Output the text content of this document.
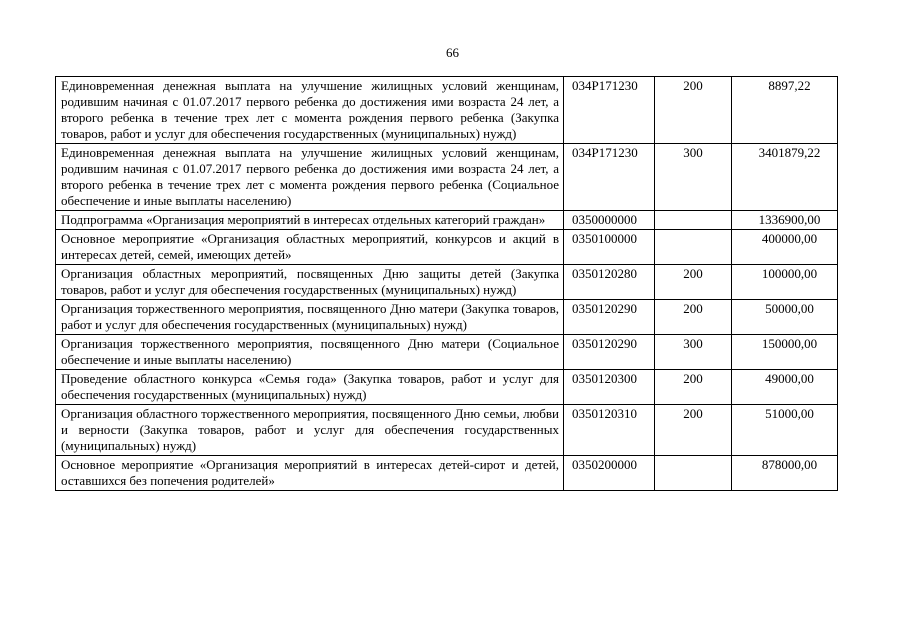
66
Единовременная денежная выплата на улучшение жилищных условий женщинам, родившим начиная с 01.07.2017 первого ребенка до достижения ими возраста 24 лет, а второго ребенка в течение трех лет с момента рождения первого ребенка (Закупка товаров, работ и услуг для обеспечения государственных (муниципальных) нужд)	034P171230	200	8897,22
Единовременная денежная выплата на улучшение жилищных условий женщинам, родившим начиная с 01.07.2017 первого ребенка до достижения ими возраста 24 лет, а второго ребенка в течение трех лет с момента рождения первого ребенка (Социальное обеспечение и иные выплаты населению)	034P171230	300	3401879,22
Подпрограмма «Организация мероприятий в интересах отдельных категорий граждан»	0350000000		1336900,00
Основное мероприятие «Организация областных мероприятий, конкурсов и акций в интересах детей, семей, имеющих детей»	0350100000		400000,00
Организация областных мероприятий, посвященных Дню защиты детей (Закупка товаров, работ и услуг для обеспечения государственных (муниципальных) нужд)	0350120280	200	100000,00
Организация торжественного мероприятия, посвященного Дню матери (Закупка товаров, работ и услуг для обеспечения государственных (муниципальных) нужд)	0350120290	200	50000,00
Организация торжественного мероприятия, посвященного Дню матери (Социальное обеспечение и иные выплаты населению)	0350120290	300	150000,00
Проведение областного конкурса «Семья года» (Закупка товаров, работ и услуг для обеспечения государственных (муниципальных) нужд)	0350120300	200	49000,00
Организация областного торжественного мероприятия, посвященного Дню семьи, любви и верности (Закупка товаров, работ и услуг для обеспечения государственных (муниципальных) нужд)	0350120310	200	51000,00
Основное мероприятие «Организация мероприятий в интересах детей-сирот и детей, оставшихся без попечения родителей»	0350200000		878000,00
